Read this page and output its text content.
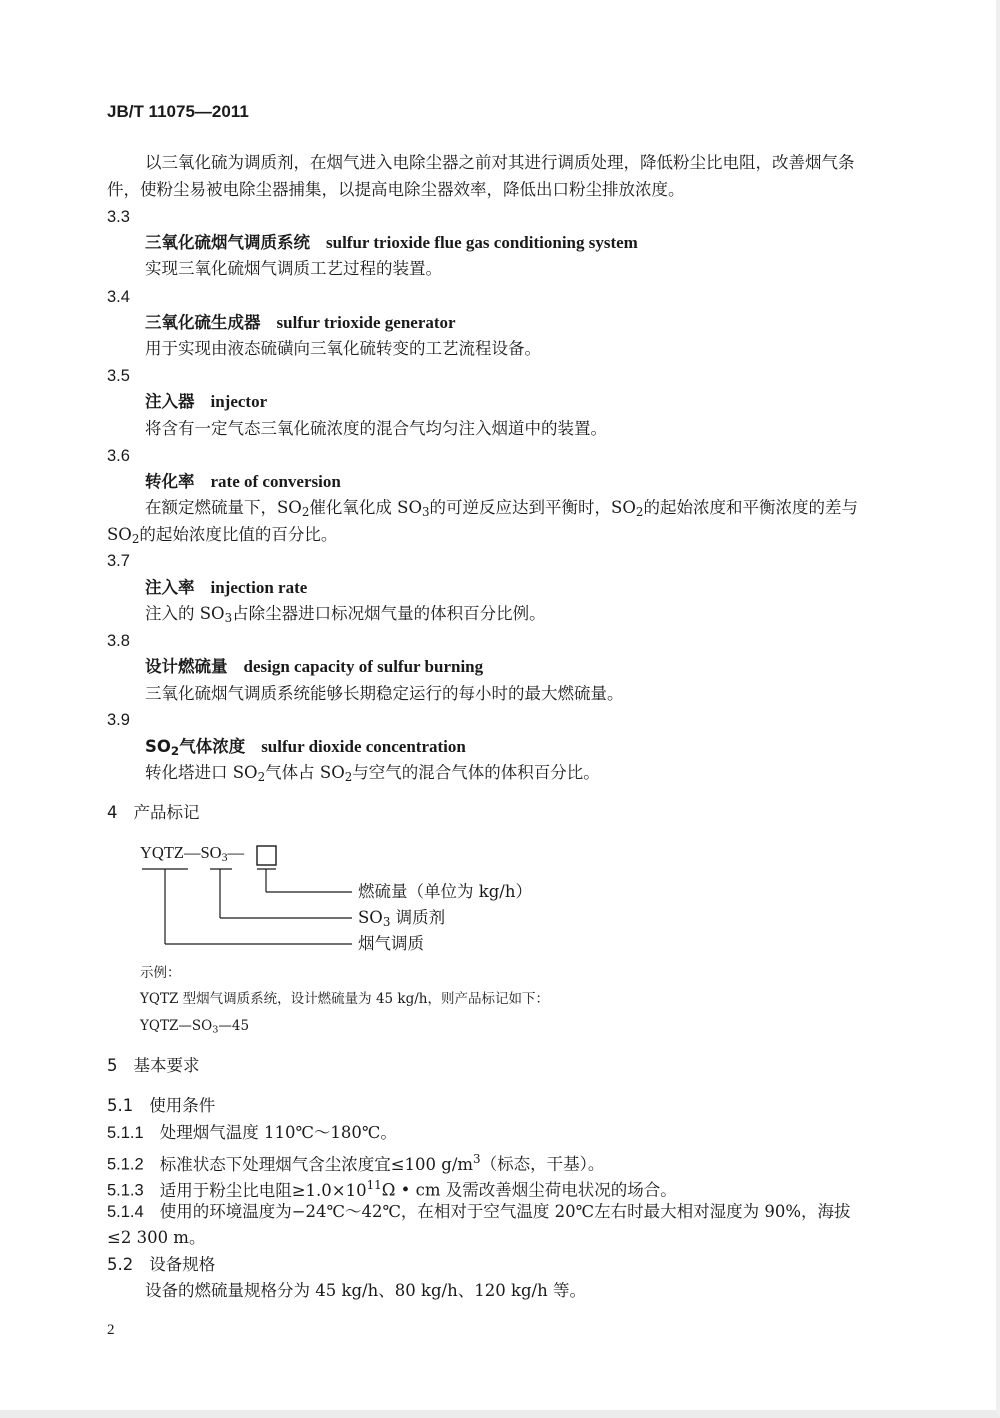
JB/T 11075—2011
以三氧化硫为调质剂，在烟气进入电除尘器之前对其进行调质处理，降低粉尘比电阻，改善烟气条
件，使粉尘易被电除尘器捕集，以提高电除尘器效率，降低出口粉尘排放浓度。
3.3
三氧化硫烟气调质系统 sulfur trioxide flue gas conditioning system
实现三氧化硫烟气调质工艺过程的装置。
3.4
三氧化硫生成器 sulfur trioxide generator
用于实现由液态硫磺向三氧化硫转变的工艺流程设备。
3.5
注入器 injector
将含有一定气态三氧化硫浓度的混合气均匀注入烟道中的装置。
3.6
转化率 rate of conversion
在额定燃硫量下，$SO_2$催化氧化成 $SO_3$的可逆反应达到平衡时，$SO_2$的起始浓度和平衡浓度的差与
$SO_2$的起始浓度比值的百分比。
3.7
注入率 injection rate
注入的 $SO_3$占除尘器进口标况烟气量的体积百分比例。
3.8
设计燃硫量 design capacity of sulfur burning
三氧化硫烟气调质系统能够长期稳定运行的每小时的最大燃硫量。
3.9
$SO_2$气体浓度 sulfur dioxide concentration
转化塔进口 $SO_2$气体占 $SO_2$与空气的混合气体的体积百分比。
4 产品标记
$YQTZ—SO_3—$
燃硫量（单位为 kg/h）
$SO_3$ 调质剂
烟气调质
示例：
YQTZ 型烟气调质系统，设计燃硫量为 45 kg/h，则产品标记如下：
$YQTZ—SO_3—45$
5 基本要求
5.1 使用条件
5.1.1 处理烟气温度 110℃～180℃。
5.1.2 标准状态下处理烟气含尘浓度宜≤100 $g/m^3$（标态，干基）。
5.1.3 适用于粉尘比电阻$\ge 1.0\times 10^{11}\Omega$ • cm 及需改善烟尘荷电状况的场合。
5.1.4 使用的环境温度为−24℃～42℃，在相对于空气温度 20℃左右时最大相对湿度为 90%，海拔
≤2 300 m。
5.2 设备规格
设备的燃硫量规格分为 45 kg/h、80 kg/h、120 kg/h 等。
2
